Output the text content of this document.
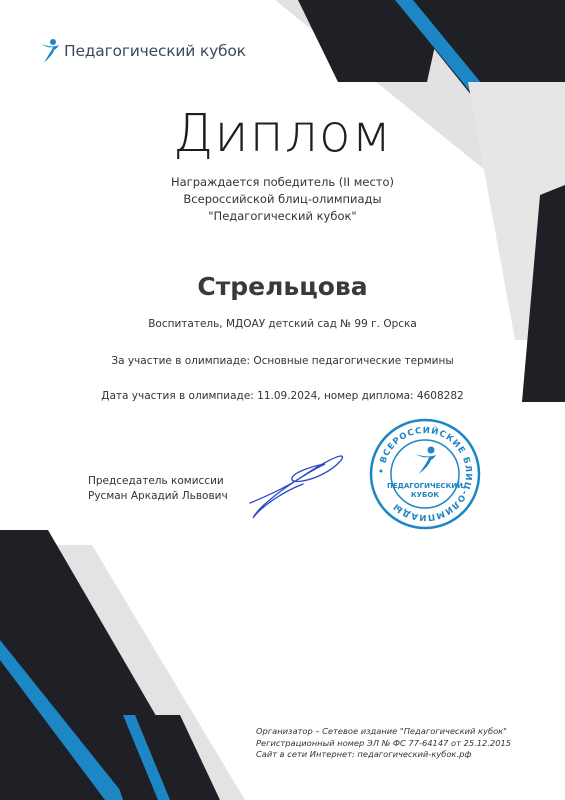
Педагогический кубок
Диплом
Награждается победитель (II место)
Всероссийской блиц-олимпиады
"Педагогический кубок"
Стрельцова
Воспитатель, МДОАУ детский сад № 99 г. Орска
За участие в олимпиаде: Основные педагогические термины
Дата участия в олимпиаде: 11.09.2024, номер диплома: 4608282
Председатель комиссии
Русман Аркадий Львович
• ВСЕРОССИЙСКИЕ БЛИЦ-ОЛИМПИАДЫ
ПЕДАГОГИЧЕСКИЙ
КУБОК
Организатор – Сетевое издание "Педагогический кубок"
Регистрационный номер ЭЛ № ФС 77-64147 от 25.12.2015
Сайт в сети Интернет: педагогический-кубок.рф
